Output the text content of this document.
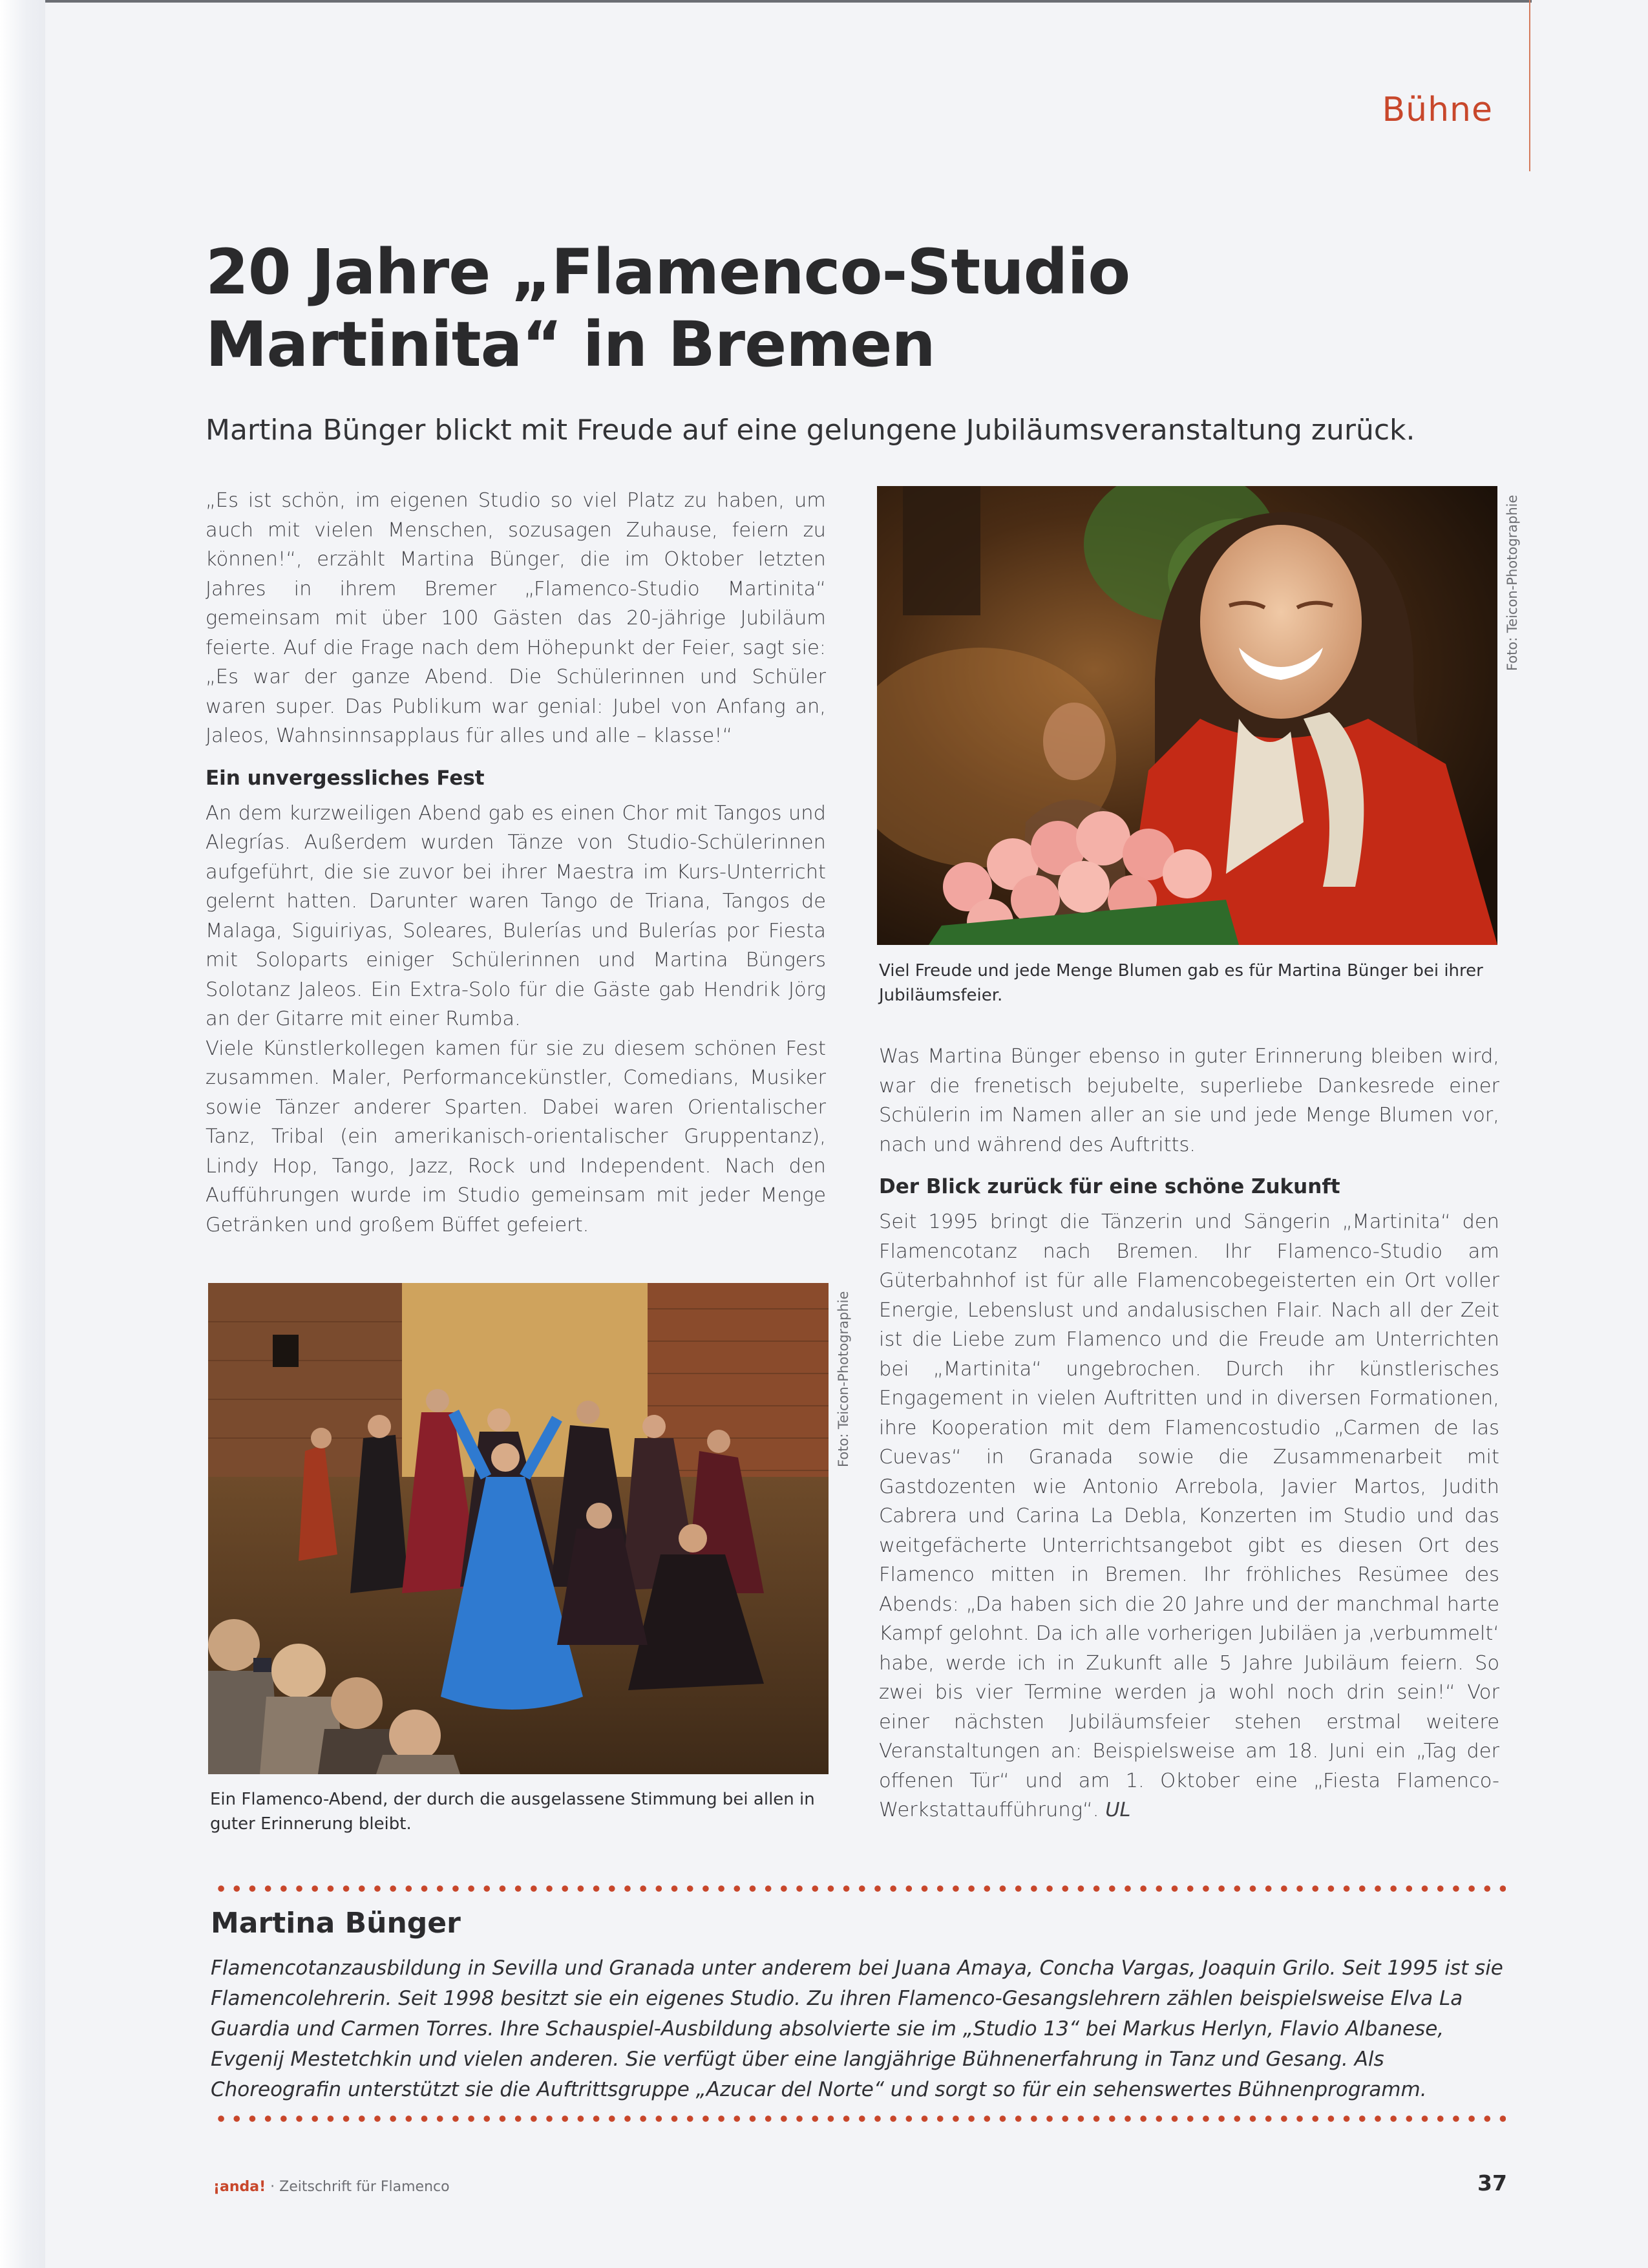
Bühne
20 Jahre „Flamenco-Studio
Martinita“ in Bremen

Martina Bünger blickt mit Freude auf eine gelungene Jubiläumsveranstaltung zurück.

„Es ist schön, im eigenen Studio so viel Platz zu haben, um auch mit vielen Menschen, sozusagen Zuhause, feiern zu können!“, erzählt Martina Bünger, die im Oktober letzten Jahres in ihrem Bremer „Flamenco-Studio Martinita“ gemeinsam mit über 100 Gästen das 20-jährige Jubiläum feierte. Auf die Frage nach dem Höhepunkt der Feier, sagt sie: „Es war der ganze Abend. Die Schülerinnen und Schüler waren super. Das Publikum war genial: Jubel von Anfang an, Jaleos, Wahnsinnsapplaus für alles und alle – klasse!“

Ein unvergessliches Fest

An dem kurzweiligen Abend gab es einen Chor mit Tangos und Alegrías. Außerdem wurden Tänze von Studio-Schülerinnen aufgeführt, die sie zuvor bei ihrer Maestra im Kurs-Unterricht gelernt hatten. Darunter waren Tango de Triana, Tangos de Malaga, Siguiriyas, Soleares, Bulerías und Bulerías por Fiesta mit Soloparts einiger Schülerinnen und Martina Büngers Solotanz Jaleos. Ein Extra-Solo für die Gäste gab Hendrik Jörg an der Gitarre mit einer Rumba.

Viele Künstlerkollegen kamen für sie zu diesem schönen Fest zusammen. Maler, Performancekünstler, Comedians, Musiker sowie Tänzer anderer Sparten. Dabei waren Orientalischer Tanz, Tribal (ein amerikanisch-orientalischer Gruppentanz), Lindy Hop, Tango, Jazz, Rock und Independent. Nach den Aufführungen wurde im Studio gemeinsam mit jeder Menge Getränken und großem Büffet gefeiert.

Foto: Teicon-Photographie
Viel Freude und jede Menge Blumen gab es für Martina Bünger bei ihrer Jubiläumsfeier.

Was Martina Bünger ebenso in guter Erinnerung bleiben wird, war die frenetisch bejubelte, superliebe Dankesrede einer Schülerin im Namen aller an sie und jede Menge Blumen vor, nach und während des Auftritts.

Der Blick zurück für eine schöne Zukunft

Seit 1995 bringt die Tänzerin und Sängerin „Martinita“ den Flamencotanz nach Bremen. Ihr Flamenco-Studio am Güterbahnhof ist für alle Flamencobegeisterten ein Ort voller Energie, Lebenslust und andalusischen Flair. Nach all der Zeit ist die Liebe zum Flamenco und die Freude am Unterrichten bei „Martinita“ ungebrochen. Durch ihr künstlerisches Engagement in vielen Auftritten und in diversen Formationen, ihre Kooperation mit dem Flamencostudio „Carmen de las Cuevas“ in Granada sowie die Zusammenarbeit mit Gastdozenten wie Antonio Arrebola, Javier Martos, Judith Cabrera und Carina La Debla, Konzerten im Studio und das weitgefächerte Unterrichtsangebot gibt es diesen Ort des Flamenco mitten in Bremen. Ihr fröhliches Resümee des Abends: „Da haben sich die 20 Jahre und der manchmal harte Kampf gelohnt. Da ich alle vorherigen Jubiläen ja ‚verbummelt‘ habe, werde ich in Zukunft alle 5 Jahre Jubiläum feiern. So zwei bis vier Termine werden ja wohl noch drin sein!“ Vor einer nächsten Jubiläumsfeier stehen erstmal weitere Veranstaltungen an: Beispielsweise am 18. Juni ein „Tag der offenen Tür“ und am 1. Oktober eine „Fiesta Flamenco-Werkstattaufführung“. UL

Foto: Teicon-Photographie
Ein Flamenco-Abend, der durch die ausgelassene Stimmung bei allen in guter Erinnerung bleibt.
Martina Bünger

Flamencotanzausbildung in Sevilla und Granada unter anderem bei Juana Amaya, Concha Vargas, Joaquin Grilo. Seit 1995 ist sie Flamencolehrerin. Seit 1998 besitzt sie ein eigenes Studio. Zu ihren Flamenco-Gesangslehrern zählen beispielsweise Elva La Guardia und Carmen Torres. Ihre Schauspiel-Ausbildung absolvierte sie im „Studio 13“ bei Markus Herlyn, Flavio Albanese, Evgenij Mestetchkin und vielen anderen. Sie verfügt über eine langjährige Bühnenerfahrung in Tanz und Gesang. Als Choreografin unterstützt sie die Auftrittsgruppe „Azucar del Norte“ und sorgt so für ein sehenswertes Bühnenprogramm.

¡anda! · Zeitschrift für Flamenco	37
